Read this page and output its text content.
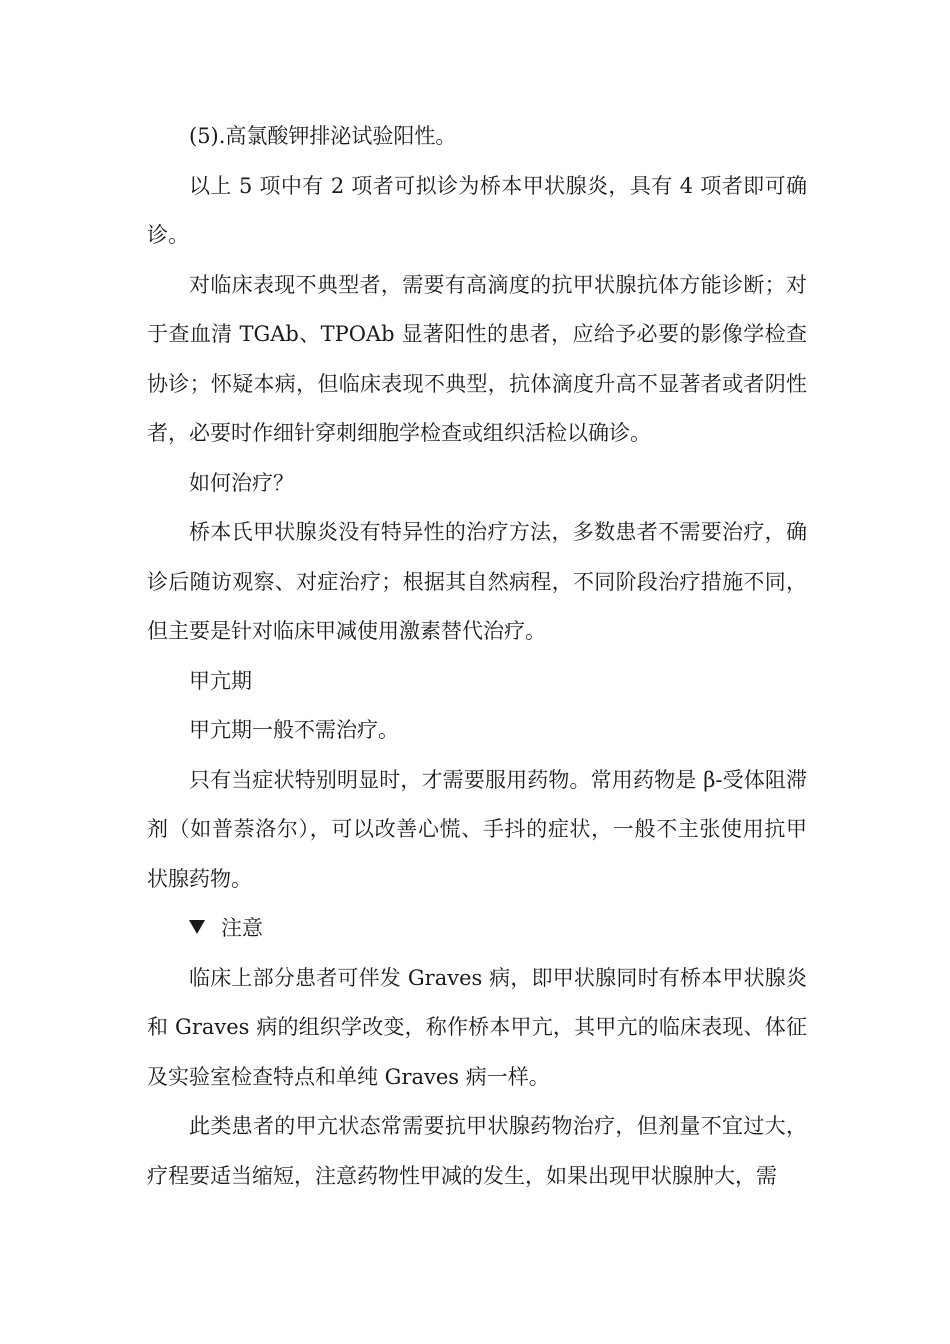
(5).高氯酸钾排泌试验阳性。

以上 5 项中有 2 项者可拟诊为桥本甲状腺炎，具有 4 项者即可确诊。

对临床表现不典型者，需要有高滴度的抗甲状腺抗体方能诊断；对于查血清 TGAb、TPOAb 显著阳性的患者，应给予必要的影像学检查协诊；怀疑本病，但临床表现不典型，抗体滴度升高不显著者或者阴性者，必要时作细针穿刺细胞学检查或组织活检以确诊。

如何治疗？

桥本氏甲状腺炎没有特异性的治疗方法，多数患者不需要治疗，确诊后随访观察、对症治疗；根据其自然病程，不同阶段治疗措施不同，但主要是针对临床甲减使用激素替代治疗。

甲亢期

甲亢期一般不需治疗。

只有当症状特别明显时，才需要服用药物。常用药物是 β-受体阻滞剂（如普萘洛尔），可以改善心慌、手抖的症状，一般不主张使用抗甲状腺药物。

注意

临床上部分患者可伴发 Graves 病，即甲状腺同时有桥本甲状腺炎和 Graves 病的组织学改变，称作桥本甲亢，其甲亢的临床表现、体征及实验室检查特点和单纯 Graves 病一样。

此类患者的甲亢状态常需要抗甲状腺药物治疗，但剂量不宜过大，疗程要适当缩短，注意药物性甲减的发生，如果出现甲状腺肿大，需
